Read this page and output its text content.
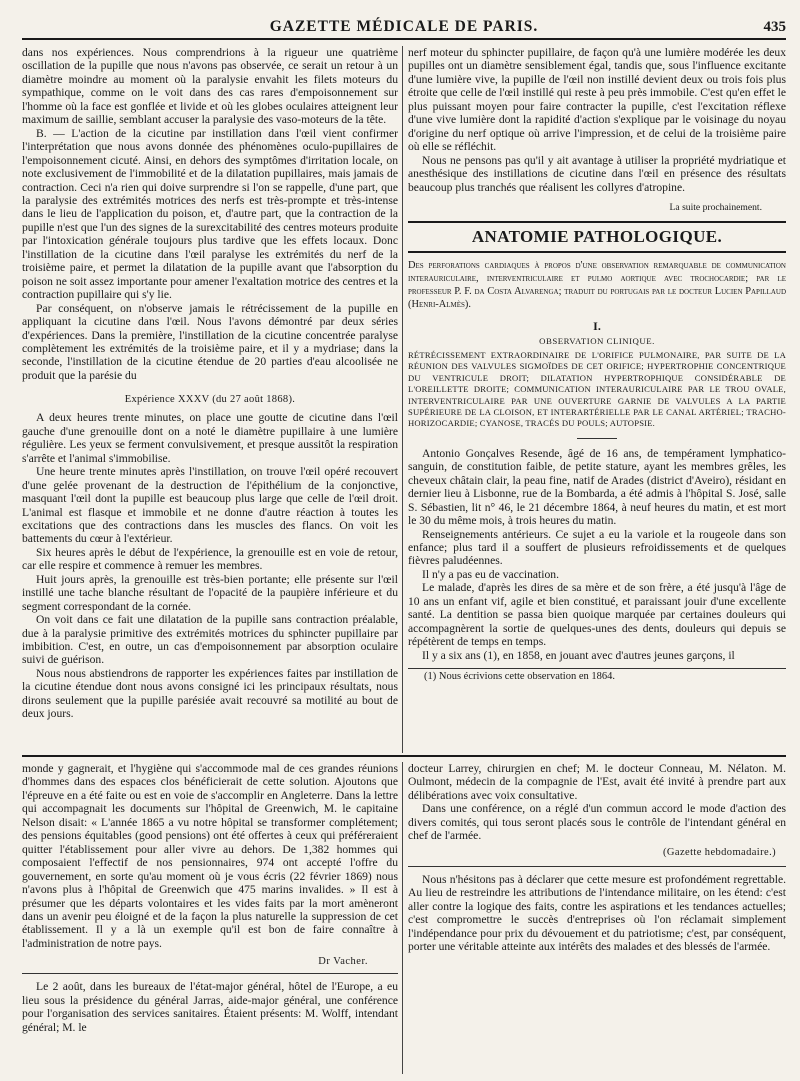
GAZETTE MÉDICALE DE PARIS.	435

dans nos expériences. Nous comprendrions à la rigueur une quatrième oscillation de la pupille que nous n'avons pas observée, ce serait un retour à un diamètre moindre au moment où la paralysie envahit les filets moteurs du sympathique, comme on le voit dans des cas rares d'empoisonnement sur l'homme où la face est gonflée et livide et où les globes oculaires atteignent leur maximum de saillie, semblant accuser la paralysie des vaso-moteurs de la tête.

B. — L'action de la cicutine par instillation dans l'œil vient confirmer l'interprétation que nous avons donnée des phénomènes oculo-pupillaires de l'empoisonnement cicuté. Ainsi, en dehors des symptômes d'irritation locale, on note exclusivement de l'immobilité et de la dilatation pupillaires, mais jamais de contraction. Ceci n'a rien qui doive surprendre si l'on se rappelle, d'une part, que la paralysie des extrémités motrices des nerfs est très-prompte et très-intense dans le lieu de l'application du poison, et, d'autre part, que la contraction de la pupille n'est que l'un des signes de la surexcitabilité des centres moteurs produite par l'intoxication générale toujours plus tardive que les effets locaux. Donc l'instillation de la cicutine dans l'œil paralyse les extrémités du nerf de la troisième paire, et permet la dilatation de la pupille avant que l'absorption du poison ne soit assez importante pour amener l'exaltation motrice des centres et la contraction pupillaire qui s'y lie.

Par conséquent, on n'observe jamais le rétrécissement de la pupille en appliquant la cicutine dans l'œil. Nous l'avons démontré par deux séries d'expériences. Dans la première, l'instillation de la cicutine concentrée paralyse complètement les extrémités de la troisième paire, et il y a mydriase; dans la seconde, l'instillation de la cicutine étendue de 20 parties d'eau alcoolisée ne produit que la parésie du

Expérience XXXV (du 27 août 1868).

A deux heures trente minutes, on place une goutte de cicutine dans l'œil gauche d'une grenouille dont on a noté le diamètre pupillaire à une lumière régulière. Les yeux se ferment convulsivement, et presque aussitôt la respiration s'arrête et l'animal s'immobilise.

Une heure trente minutes après l'instillation, on trouve l'œil opéré recouvert d'une gelée provenant de la destruction de l'épithélium de la conjonctive, masquant l'œil dont la pupille est beaucoup plus large que celle de l'œil droit. L'animal est flasque et immobile et ne donne d'autre réaction à toutes les excitations que des contractions dans les muscles des flancs. On voit les battements du cœur à l'extérieur.

Six heures après le début de l'expérience, la grenouille est en voie de retour, car elle respire et commence à remuer les membres.

Huit jours après, la grenouille est très-bien portante; elle présente sur l'œil instillé une tache blanche résultant de l'opacité de la paupière inférieure et du segment correspondant de la cornée.

On voit dans ce fait une dilatation de la pupille sans contraction préalable, due à la paralysie primitive des extrémités motrices du sphincter pupillaire par imbibition. C'est, en outre, un cas d'empoisonnement par absorption oculaire suivi de guérison.

Nous nous abstiendrons de rapporter les expériences faites par instillation de la cicutine étendue dont nous avons consigné ici les principaux résultats, nous dirons seulement que la pupille parésiée avait recouvré sa motilité au bout de deux jours.

nerf moteur du sphincter pupillaire, de façon qu'à une lumière modérée les deux pupilles ont un diamètre sensiblement égal, tandis que, sous l'influence excitante d'une lumière vive, la pupille de l'œil non instillé devient deux ou trois fois plus étroite que celle de l'œil instillé qui reste à peu près immobile. C'est qu'en effet le plus puissant moyen pour faire contracter la pupille, c'est l'excitation réflexe d'une vive lumière dont la rapidité d'action s'explique par le voisinage du noyau d'origine du nerf optique où arrive l'impression, et de celui de la troisième paire où elle se réfléchit.

Nous ne pensons pas qu'il y ait avantage à utiliser la propriété mydriatique et anesthésique des instillations de cicutine dans l'œil en présence des résultats beaucoup plus tranchés que réalisent les collyres d'atropine.

La suite prochainement.
ANATOMIE PATHOLOGIQUE.
Des perforations cardiaques à propos d'une observation remarquable de communication interauriculaire, interventriculaire et pulmo aortique avec trochocardie; par le professeur P. F. da Costa Alvarenga; traduit du portugais par le docteur Lucien Papillaud (Henri-Almès).
I.
OBSERVATION CLINIQUE.
RÉTRÉCISSEMENT EXTRAORDINAIRE DE L'ORIFICE PULMONAIRE, PAR SUITE DE LA RÉUNION DES VALVULES SIGMOÏDES DE CET ORIFICE; HYPERTROPHIE CONCENTRIQUE DU VENTRICULE DROIT; DILATATION HYPERTROPHIQUE CONSIDÉRABLE DE L'OREILLETTE DROITE; COMMUNICATION INTERAURICULAIRE PAR LE TROU OVALE, INTERVENTRICULAIRE PAR UNE OUVERTURE GARNIE DE VALVULES A LA PARTIE SUPÉRIEURE DE LA CLOISON, ET INTERARTÉRIELLE PAR LE CANAL ARTÉRIEL; TRACHO-HORIZOCARDIE; CYANOSE, TRACÉS DU POULS; AUTOPSIE.

Antonio Gonçalves Resende, âgé de 16 ans, de tempérament lymphatico-sanguin, de constitution faible, de petite stature, ayant les membres grêles, les cheveux châtain clair, la peau fine, natif de Arades (district d'Aveiro), résidant en dernier lieu à Lisbonne, rue de la Bombarda, a été admis à l'hôpital S. José, salle S. Sébastien, lit n° 46, le 21 décembre 1864, à neuf heures du matin, et est mort le 30 du même mois, à trois heures du matin.

Renseignements antérieurs. Ce sujet a eu la variole et la rougeole dans son enfance; plus tard il a souffert de plusieurs refroidissements et de quelques fièvres paludéennes.

Il n'y a pas eu de vaccination.

Le malade, d'après les dires de sa mère et de son frère, a été jusqu'à l'âge de 10 ans un enfant vif, agile et bien constitué, et paraissant jouir d'une excellente santé. La dentition se passa bien quoique marquée par certaines douleurs qui accompagnèrent la sortie de quelques-unes des dents, douleurs qui depuis se répétèrent de temps en temps.

Il y a six ans (1), en 1858, en jouant avec d'autres jeunes garçons, il

(1) Nous écrivions cette observation en 1864.

monde y gagnerait, et l'hygiène qui s'accommode mal de ces grandes réunions d'hommes dans des espaces clos bénéficierait de cette solution. Ajoutons que l'épreuve en a été faite ou est en voie de s'accomplir en Angleterre. Dans la lettre qui accompagnait les documents sur l'hôpital de Greenwich, M. le capitaine Nelson disait: « L'année 1865 a vu notre hôpital se transformer complétement; des pensions équitables (good pensions) ont été offertes à ceux qui préféreraient quitter l'établissement pour aller vivre au dehors. De 1,382 hommes qui composaient l'effectif de nos pensionnaires, 974 ont accepté l'offre du gouvernement, en sorte qu'au moment où je vous écris (22 février 1869) nous n'avons plus à l'hôpital de Greenwich que 475 marins invalides. » Il est à présumer que les départs volontaires et les vides faits par la mort amèneront dans un avenir peu éloigné et de la façon la plus naturelle la suppression de cet établissement. Il y a là un exemple qu'il est bon de faire connaître à l'administration de notre pays.

Dr Vacher.

Le 2 août, dans les bureaux de l'état-major général, hôtel de l'Europe, a eu lieu sous la présidence du général Jarras, aide-major général, une conférence pour l'organisation des services sanitaires. Étaient présents: M. Wolff, intendant général; M. le

docteur Larrey, chirurgien en chef; M. le docteur Conneau, M. Nélaton. M. Oulmont, médecin de la compagnie de l'Est, avait été invité à prendre part aux délibérations avec voix consultative.

Dans une conférence, on a réglé d'un commun accord le mode d'action des divers comités, qui tous seront placés sous le contrôle de l'intendant général en chef de l'armée.

(Gazette hebdomadaire.)

Nous n'hésitons pas à déclarer que cette mesure est profondément regrettable. Au lieu de restreindre les attributions de l'intendance militaire, on les étend: c'est aller contre la logique des faits, contre les aspirations et les tendances actuelles; c'est compromettre le succès d'entreprises où l'on réclamait simplement l'indépendance pour prix du dévouement et du patriotisme; c'est, par conséquent, porter une véritable atteinte aux intérêts des malades et des blessés de l'armée.
